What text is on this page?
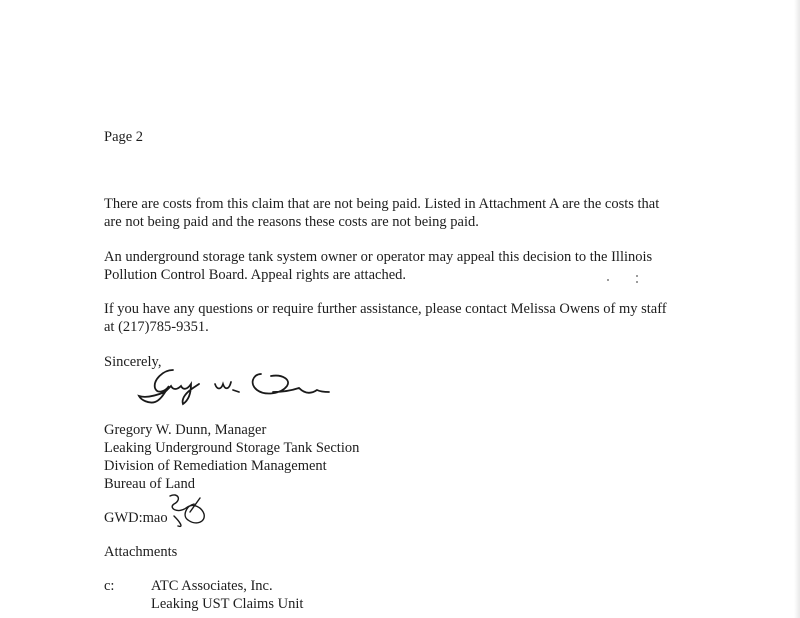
Page 2
There are costs from this claim that are not being paid. Listed in Attachment A are the costs that
are not being paid and the reasons these costs are not being paid.
An underground storage tank system owner or operator may appeal this decision to the Illinois
Pollution Control Board. Appeal rights are attached.
If you have any questions or require further assistance, please contact Melissa Owens of my staff
at (217)785-9351.
Sincerely,
Gregory W. Dunn, Manager
Leaking Underground Storage Tank Section
Division of Remediation Management
Bureau of Land
GWD:mao
Attachments
c:	ATC Associates, Inc.
Leaking UST Claims Unit
